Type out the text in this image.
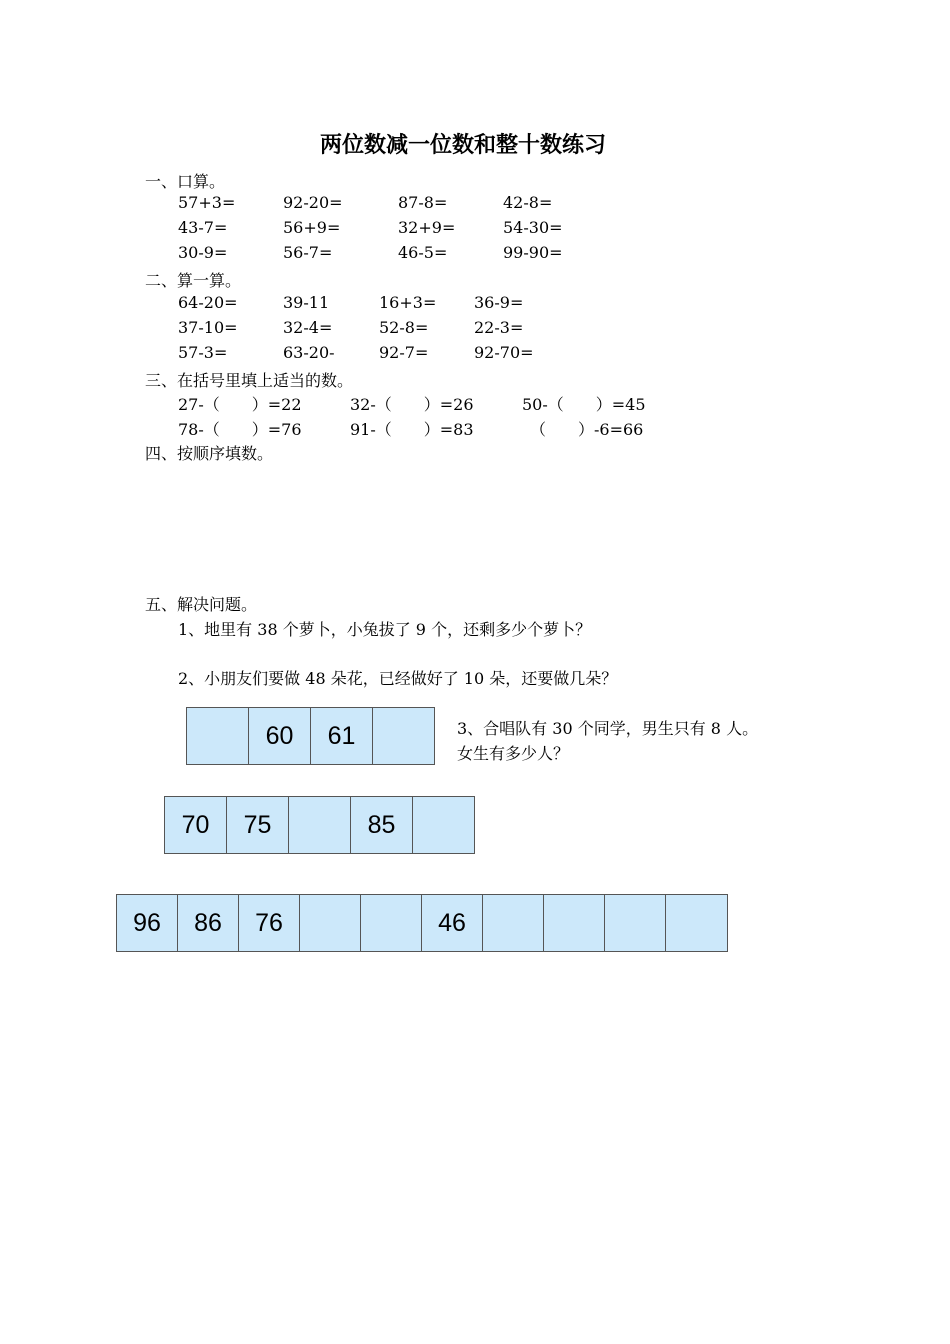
两位数减一位数和整十数练习
一、口算。
57+3=	92-20=	87-8=	42-8=
43-7=	56+9=	32+9=	54-30=
30-9=	56-7=	46-5=	99-90=
二、算一算。
64-20=	39-11	16+3= 36-9=
37-10=	32-4=	52-8=	22-3=
57-3=	63-20-	92-7=	92-70=
三、在括号里填上适当的数。
27-（　　）=22	32-（　　）=26	50-（　　）=45
78-（　　）=76	91-（　　）=83	（　　）-6=66
四、按顺序填数。
五、解决问题。
1、地里有 38 个萝卜，小兔拔了 9 个，还剩多少个萝卜？
2、小朋友们要做 48 朵花，已经做好了 10 朵，还要做几朵？
3、合唱队有 30 个同学，男生只有 8 人。
女生有多少人？
60	61
70	75	85
96	86	76	46
